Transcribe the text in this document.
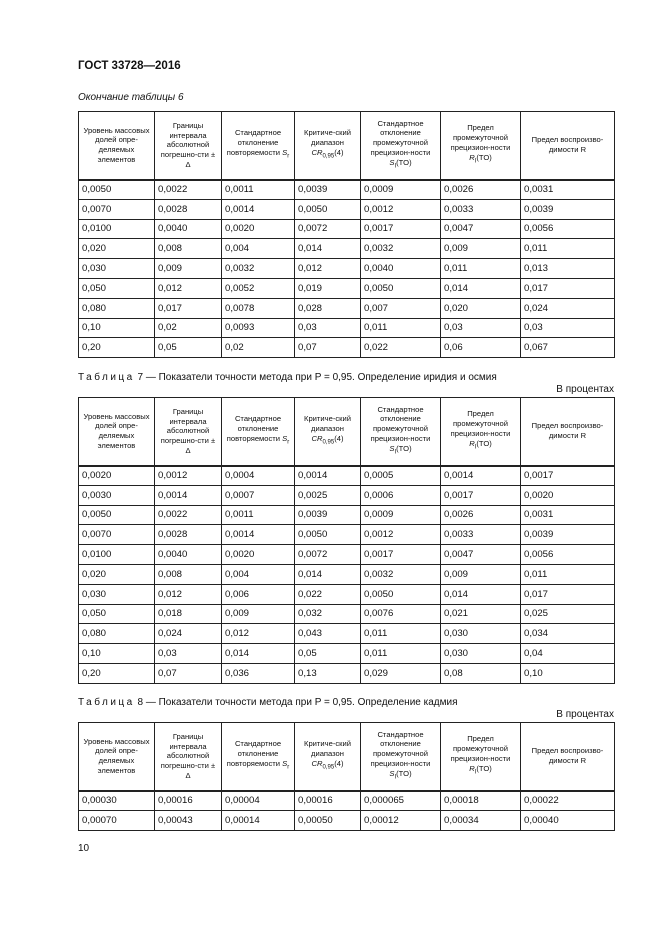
ГОСТ 33728—2016
Окончание таблицы 6
Уровень массовых долей опре-деляемых элементов	Границы интервала абсолютной погрешно-сти ± Δ	Стандартное отклонение повторяемости $S_r$	Критиче-ский диапазон $CR_{0,95}(4)$	Стандартное отклонение промежуточной прецизион-ности $S_I(TO)$	Предел промежуточной прецизион-ности $R_I(TO)$	Предел воспроизво-димости R
0,0050	0,0022	0,0011	0,0039	0,0009	0,0026	0,0031
0,0070	0,0028	0,0014	0,0050	0,0012	0,0033	0,0039
0,0100	0,0040	0,0020	0,0072	0,0017	0,0047	0,0056
0,020	0,008	0,004	0,014	0,0032	0,009	0,011
0,030	0,009	0,0032	0,012	0,0040	0,011	0,013
0,050	0,012	0,0052	0,019	0,0050	0,014	0,017
0,080	0,017	0,0078	0,028	0,007	0,020	0,024
0,10	0,02	0,0093	0,03	0,011	0,03	0,03
0,20	0,05	0,02	0,07	0,022	0,06	0,067
Таблица 7 — Показатели точности метода при P = 0,95. Определение иридия и осмия
В процентах
Уровень массовых долей опре-деляемых элементов	Границы интервала абсолютной погрешно-сти ± Δ	Стандартное отклонение повторяемости $S_r$	Критиче-ский диапазон $CR_{0,95}(4)$	Стандартное отклонение промежуточной прецизион-ности $S_I(TO)$	Предел промежуточной прецизион-ности $R_I(TO)$	Предел воспроизво-димости R
0,0020	0,0012	0,0004	0,0014	0,0005	0,0014	0,0017
0,0030	0,0014	0,0007	0,0025	0,0006	0,0017	0,0020
0,0050	0,0022	0,0011	0,0039	0,0009	0,0026	0,0031
0,0070	0,0028	0,0014	0,0050	0,0012	0,0033	0,0039
0,0100	0,0040	0,0020	0,0072	0,0017	0,0047	0,0056
0,020	0,008	0,004	0,014	0,0032	0,009	0,011
0,030	0,012	0,006	0,022	0,0050	0,014	0,017
0,050	0,018	0,009	0,032	0,0076	0,021	0,025
0,080	0,024	0,012	0,043	0,011	0,030	0,034
0,10	0,03	0,014	0,05	0,011	0,030	0,04
0,20	0,07	0,036	0,13	0,029	0,08	0,10
Таблица 8 — Показатели точности метода при P = 0,95. Определение кадмия
В процентах
Уровень массовых долей опре-деляемых элементов	Границы интервала абсолютной погрешно-сти ± Δ	Стандартное отклонение повторяемости $S_r$	Критиче-ский диапазон $CR_{0,95}(4)$	Стандартное отклонение промежуточной прецизион-ности $S_I(TO)$	Предел промежуточной прецизион-ности $R_I(TO)$	Предел воспроизво-димости R
0,00030	0,00016	0,00004	0,00016	0,000065	0,00018	0,00022
0,00070	0,00043	0,00014	0,00050	0,00012	0,00034	0,00040
10
